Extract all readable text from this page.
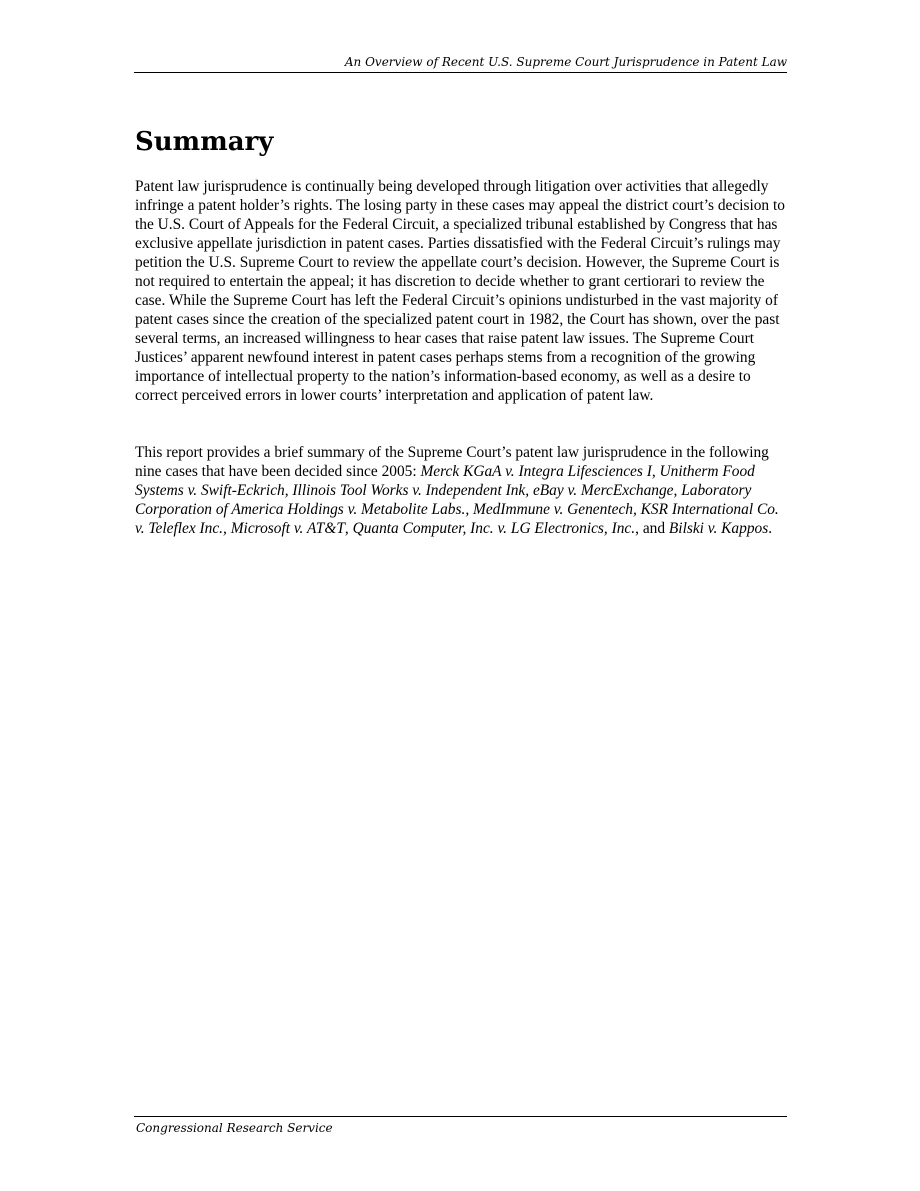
An Overview of Recent U.S. Supreme Court Jurisprudence in Patent Law
Summary

Patent law jurisprudence is continually being developed through litigation over activities that allegedly infringe a patent holder’s rights. The losing party in these cases may appeal the district court’s decision to the U.S. Court of Appeals for the Federal Circuit, a specialized tribunal established by Congress that has exclusive appellate jurisdiction in patent cases. Parties dissatisfied with the Federal Circuit’s rulings may petition the U.S. Supreme Court to review the appellate court’s decision. However, the Supreme Court is not required to entertain the appeal; it has discretion to decide whether to grant certiorari to review the case. While the Supreme Court has left the Federal Circuit’s opinions undisturbed in the vast majority of patent cases since the creation of the specialized patent court in 1982, the Court has shown, over the past several terms, an increased willingness to hear cases that raise patent law issues. The Supreme Court Justices’ apparent newfound interest in patent cases perhaps stems from a recognition of the growing importance of intellectual property to the nation’s information-based economy, as well as a desire to correct perceived errors in lower courts’ interpretation and application of patent law.

This report provides a brief summary of the Supreme Court’s patent law jurisprudence in the following nine cases that have been decided since 2005: Merck KGaA v. Integra Lifesciences I, Unitherm Food Systems v. Swift-Eckrich, Illinois Tool Works v. Independent Ink, eBay v. MercExchange, Laboratory Corporation of America Holdings v. Metabolite Labs., MedImmune v. Genentech, KSR International Co. v. Teleflex Inc., Microsoft v. AT&T, Quanta Computer, Inc. v. LG Electronics, Inc., and Bilski v. Kappos.

Congressional Research Service
